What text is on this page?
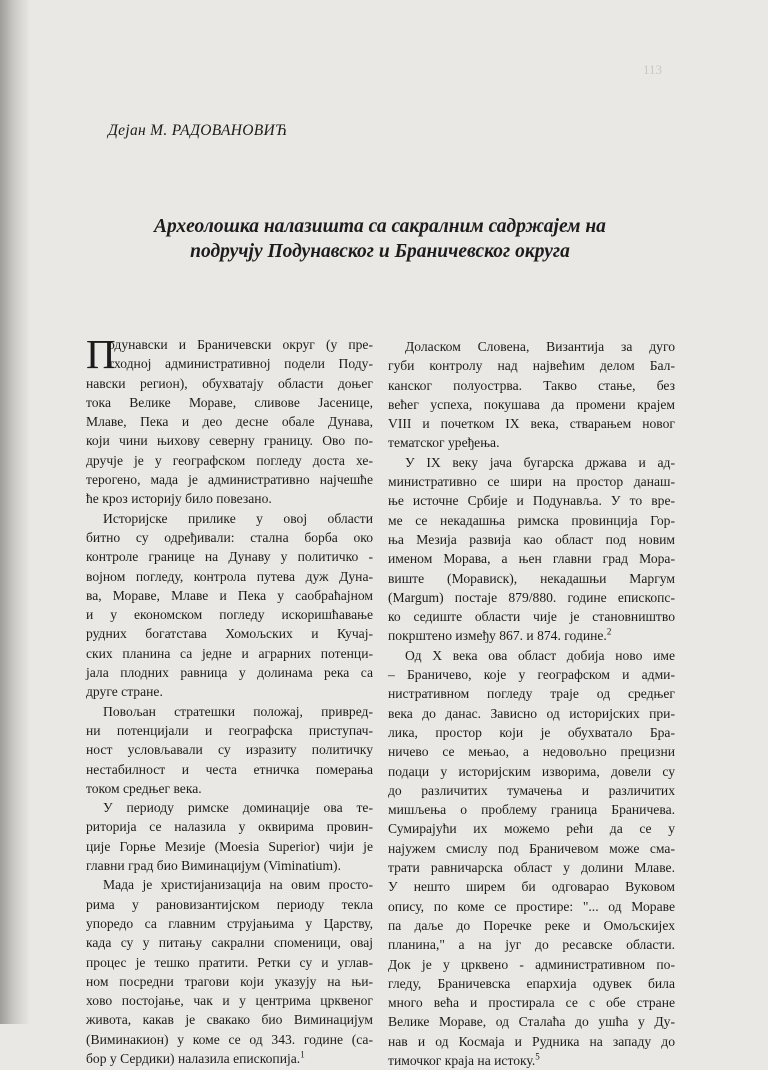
113
Дејан М. РАДОВАНОВИЋ
Археолошка налазишта са сакралним садржајем на
подручју Подунавског и Браничевског округа
П
одунавски и Браничевски округ (у пре-
тходној административној подели Поду-
навски регион), обухватају области доњег
тока Велике Мораве, сливове Јасенице,
Млаве, Пека и део десне обале Дунава,
који чини њихову северну границу. Ово по-
дручје је у географском погледу доста хе-
терогено, мада је административно најчешће
ће кроз историју било повезано.
Историјске прилике у овој области
битно су одређивали: стална борба око
контроле границе на Дунаву у политичко -
војном погледу, контрола путева дуж Дуна-
ва, Мораве, Млаве и Пека у саобраћајном
и у економском погледу искоришћавање
рудних богатстава Хомољских и Кучај-
ских планина са једне и аграрних потенци-
јала плодних равница у долинама река са
друге стране.
Повољан стратешки положај, привред-
ни потенцијали и географска приступач-
ност условљавали су изразиту политичку
нестабилност и честа етничка померања
током средњег века.
У периоду римске доминације ова те-
риторија се налазила у оквирима провин-
ције Горње Мезије (Moesia Superior) чији је
главни град био Виминацијум (Viminatium).
Мада је христијанизација на овим просто-
рима у рановизантијском периоду текла
упоредо са главним струјањима у Царству,
када су у питању сакрални споменици, овај
процес је тешко пратити. Ретки су и углав-
ном посредни трагови који указују на њи-
хово постојање, чак и у центрима црквеног
живота, какав је свакако био Виминацијум
(Виминакион) у коме се од 343. године (са-
бор у Сердики) налазила епископија.$^1$
Доласком Словена, Византија за дуго
губи контролу над највећим делом Бал-
канског полуострва. Такво стање, без
већег успеха, покушава да промени крајем
VIII и почетком IX века, стварањем новог
тематског уређења.
У IX веку јача бугарска држава и ад-
министративно се шири на простор данаш-
ње источне Србије и Подунавља. У то вре-
ме се некадашња римска провинција Гор-
ња Мезија развија као област под новим
именом Морава, а њен главни град Мора-
виште (Морависк), некадашњи Маргум
(Margum) постаје 879/880. године епископс-
ко седиште области чије је становништво
покрштено између 867. и 874. године.$^2$
Од X века ова област добија ново име
– Браничево, које у географском и адми-
нистративном погледу траје од средњег
века до данас. Зависно од историјских при-
лика, простор који је обухватало Бра-
ничево се мењао, а недовољно прецизни
подаци у историјским изворима, довели су
до различитих тумачења и различитих
мишљења о проблему граница Браничева.
Сумирајући их можемо рећи да се у
најужем смислу под Браничевом може сма-
трати равничарска област у долини Млаве.
У нешто ширем би одговарао Вуковом
опису, по коме се простире: "... од Мораве
па даље до Поречке реке и Омољскијех
планина," а на југ до ресавске области.
Док је у црквено - административном по-
гледу, Браничевска епархија одувек била
много већа и простирала се с обе стране
Велике Мораве, од Сталаћа до ушћа у Ду-
нав и од Космаја и Рудника на западу до
тимочког краја на истоку.$^5$
